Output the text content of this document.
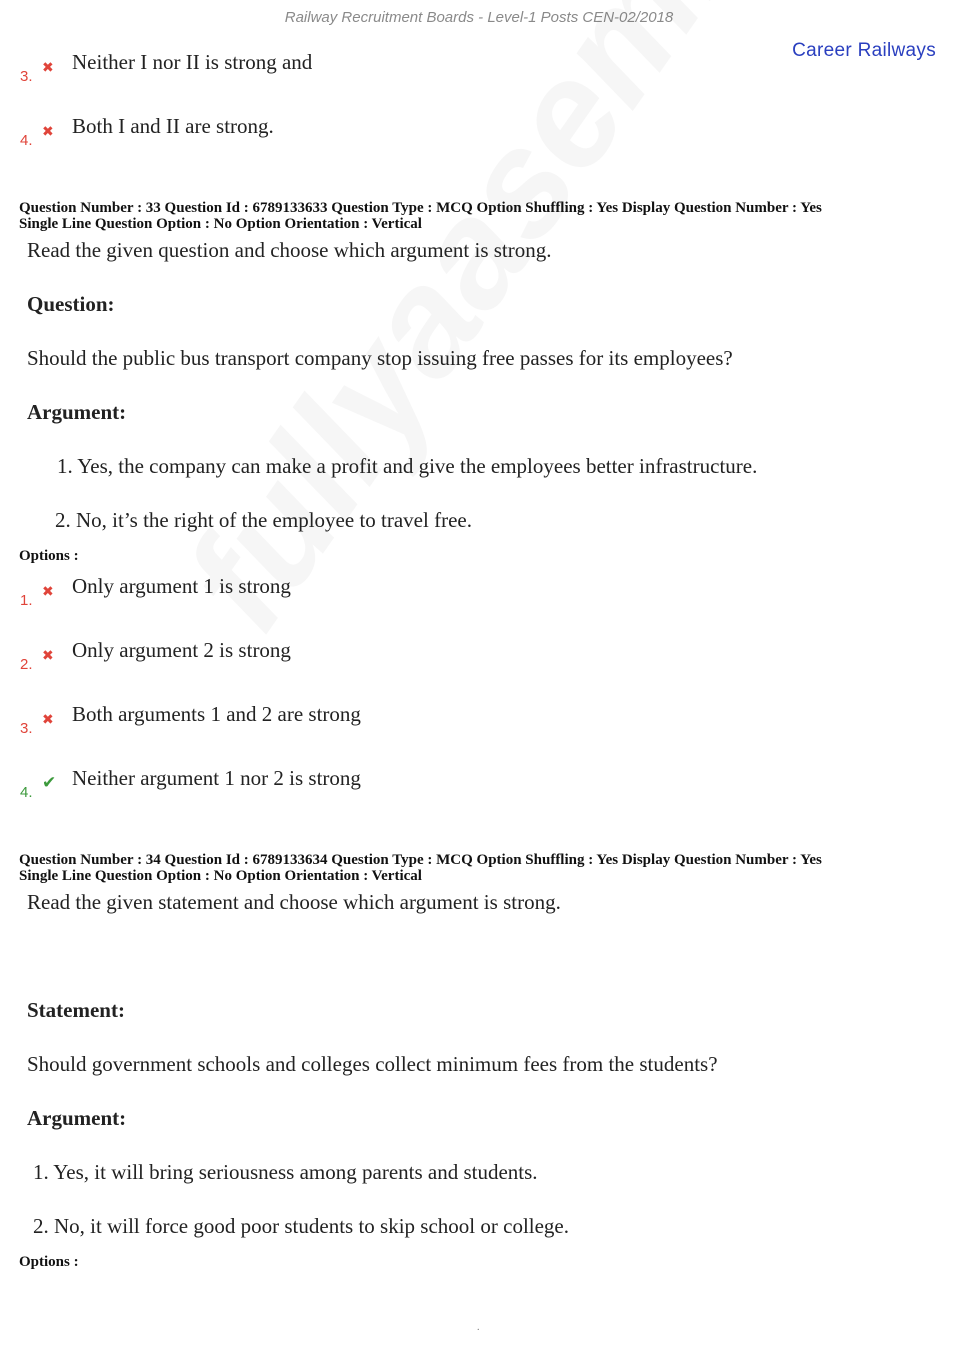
Railway Recruitment Boards - Level-1 Posts CEN-02/2018
Career Railways
3. ✖ Neither I nor II is strong and
4. ✖ Both I and II are strong.
Question Number : 33 Question Id : 6789133633 Question Type : MCQ Option Shuffling : Yes Display Question Number : Yes
Single Line Question Option : No Option Orientation : Vertical
Read the given question and choose which argument is strong.
Question:
Should the public bus transport company stop issuing free passes for its employees?
Argument:
1. Yes, the company can make a profit and give the employees better infrastructure.
2. No, it’s the right of the employee to travel free.
Options :
1. ✖ Only argument 1 is strong
2. ✖ Only argument 2 is strong
3. ✖ Both arguments 1 and 2 are strong
4. ✔ Neither argument 1 nor 2 is strong
Question Number : 34 Question Id : 6789133634 Question Type : MCQ Option Shuffling : Yes Display Question Number : Yes
Single Line Question Option : No Option Orientation : Vertical
Read the given statement and choose which argument is strong.
Statement:
Should government schools and colleges collect minimum fees from the students?
Argument:
1. Yes, it will bring seriousness among parents and students.
2. No, it will force good poor students to skip school or college.
Options :
.
